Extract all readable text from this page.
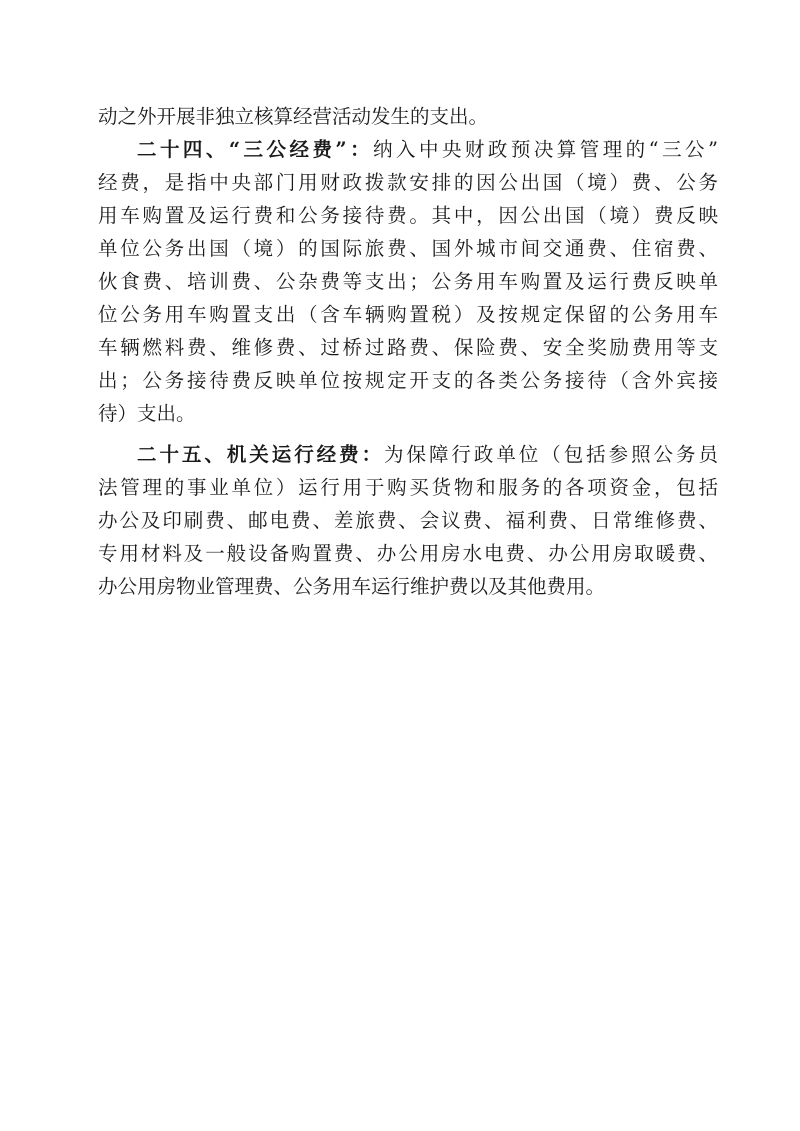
动之外开展非独立核算经营活动发生的支出。
二十四、“三公经费”：纳入中央财政预决算管理的“三公”
经费，是指中央部门用财政拨款安排的因公出国（境）费、公务
用车购置及运行费和公务接待费。其中，因公出国（境）费反映
单位公务出国（境）的国际旅费、国外城市间交通费、住宿费、
伙食费、培训费、公杂费等支出；公务用车购置及运行费反映单
位公务用车购置支出（含车辆购置税）及按规定保留的公务用车
车辆燃料费、维修费、过桥过路费、保险费、安全奖励费用等支
出；公务接待费反映单位按规定开支的各类公务接待（含外宾接
待）支出。
二十五、机关运行经费：为保障行政单位（包括参照公务员
法管理的事业单位）运行用于购买货物和服务的各项资金，包括
办公及印刷费、邮电费、差旅费、会议费、福利费、日常维修费、
专用材料及一般设备购置费、办公用房水电费、办公用房取暖费、
办公用房物业管理费、公务用车运行维护费以及其他费用。
